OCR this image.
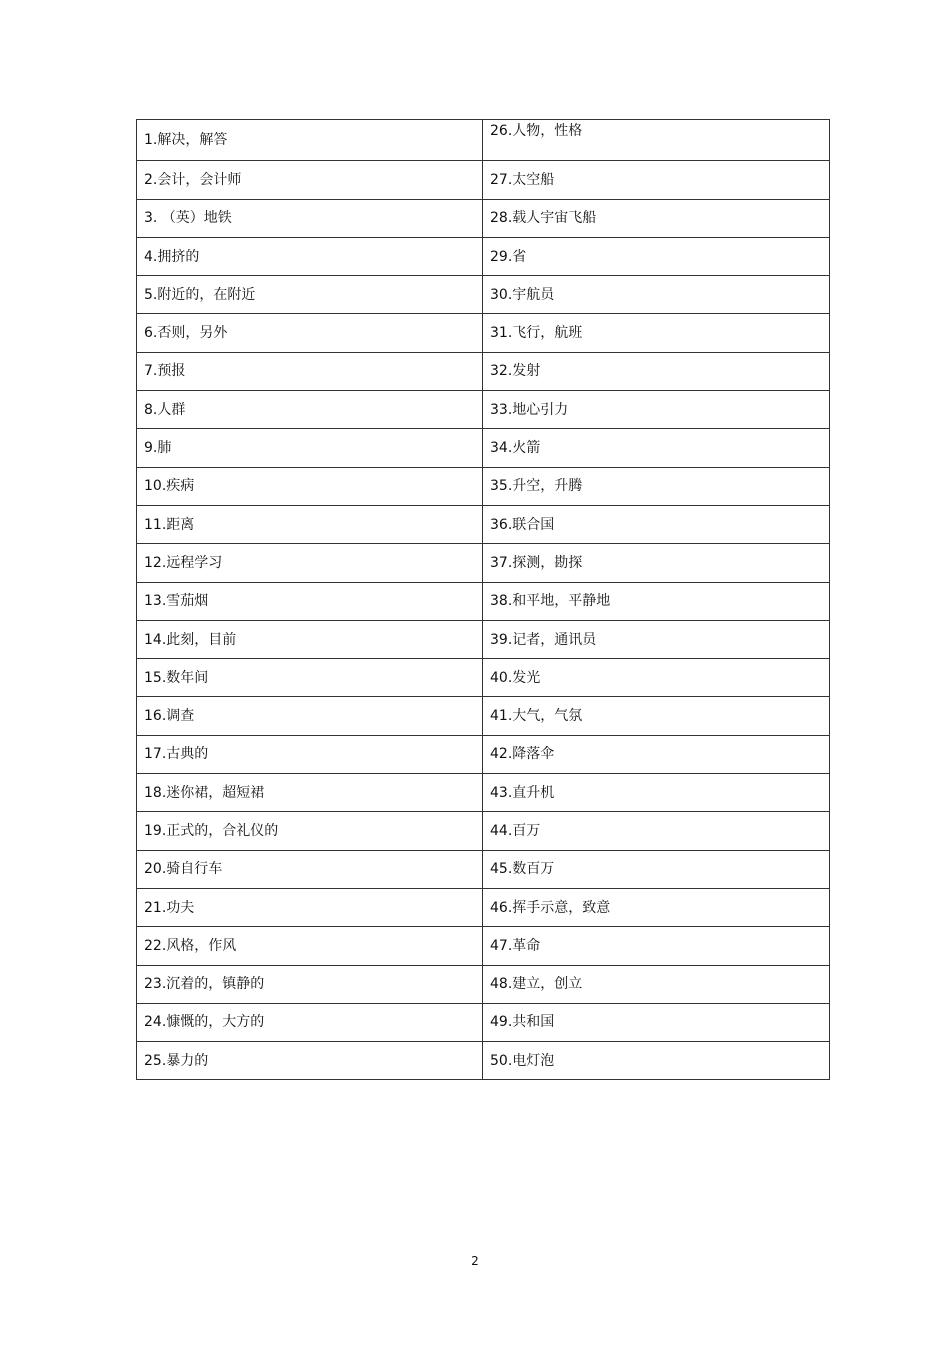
1.解决，解答	26.人物，性格
2.会计，会计师	27.太空船
3. （英）地铁	28.载人宇宙飞船
4.拥挤的	29.省
5.附近的，在附近	30.宇航员
6.否则，另外	31.飞行，航班
7.预报	32.发射
8.人群	33.地心引力
9.肺	34.火箭
10.疾病	35.升空，升腾
11.距离	36.联合国
12.远程学习	37.探测，勘探
13.雪茄烟	38.和平地，平静地
14.此刻，目前	39.记者，通讯员
15.数年间	40.发光
16.调查	41.大气，气氛
17.古典的	42.降落伞
18.迷你裙，超短裙	43.直升机
19.正式的，合礼仪的	44.百万
20.骑自行车	45.数百万
21.功夫	46.挥手示意，致意
22.风格，作风	47.革命
23.沉着的，镇静的	48.建立，创立
24.慷慨的，大方的	49.共和国
25.暴力的	50.电灯泡
2
